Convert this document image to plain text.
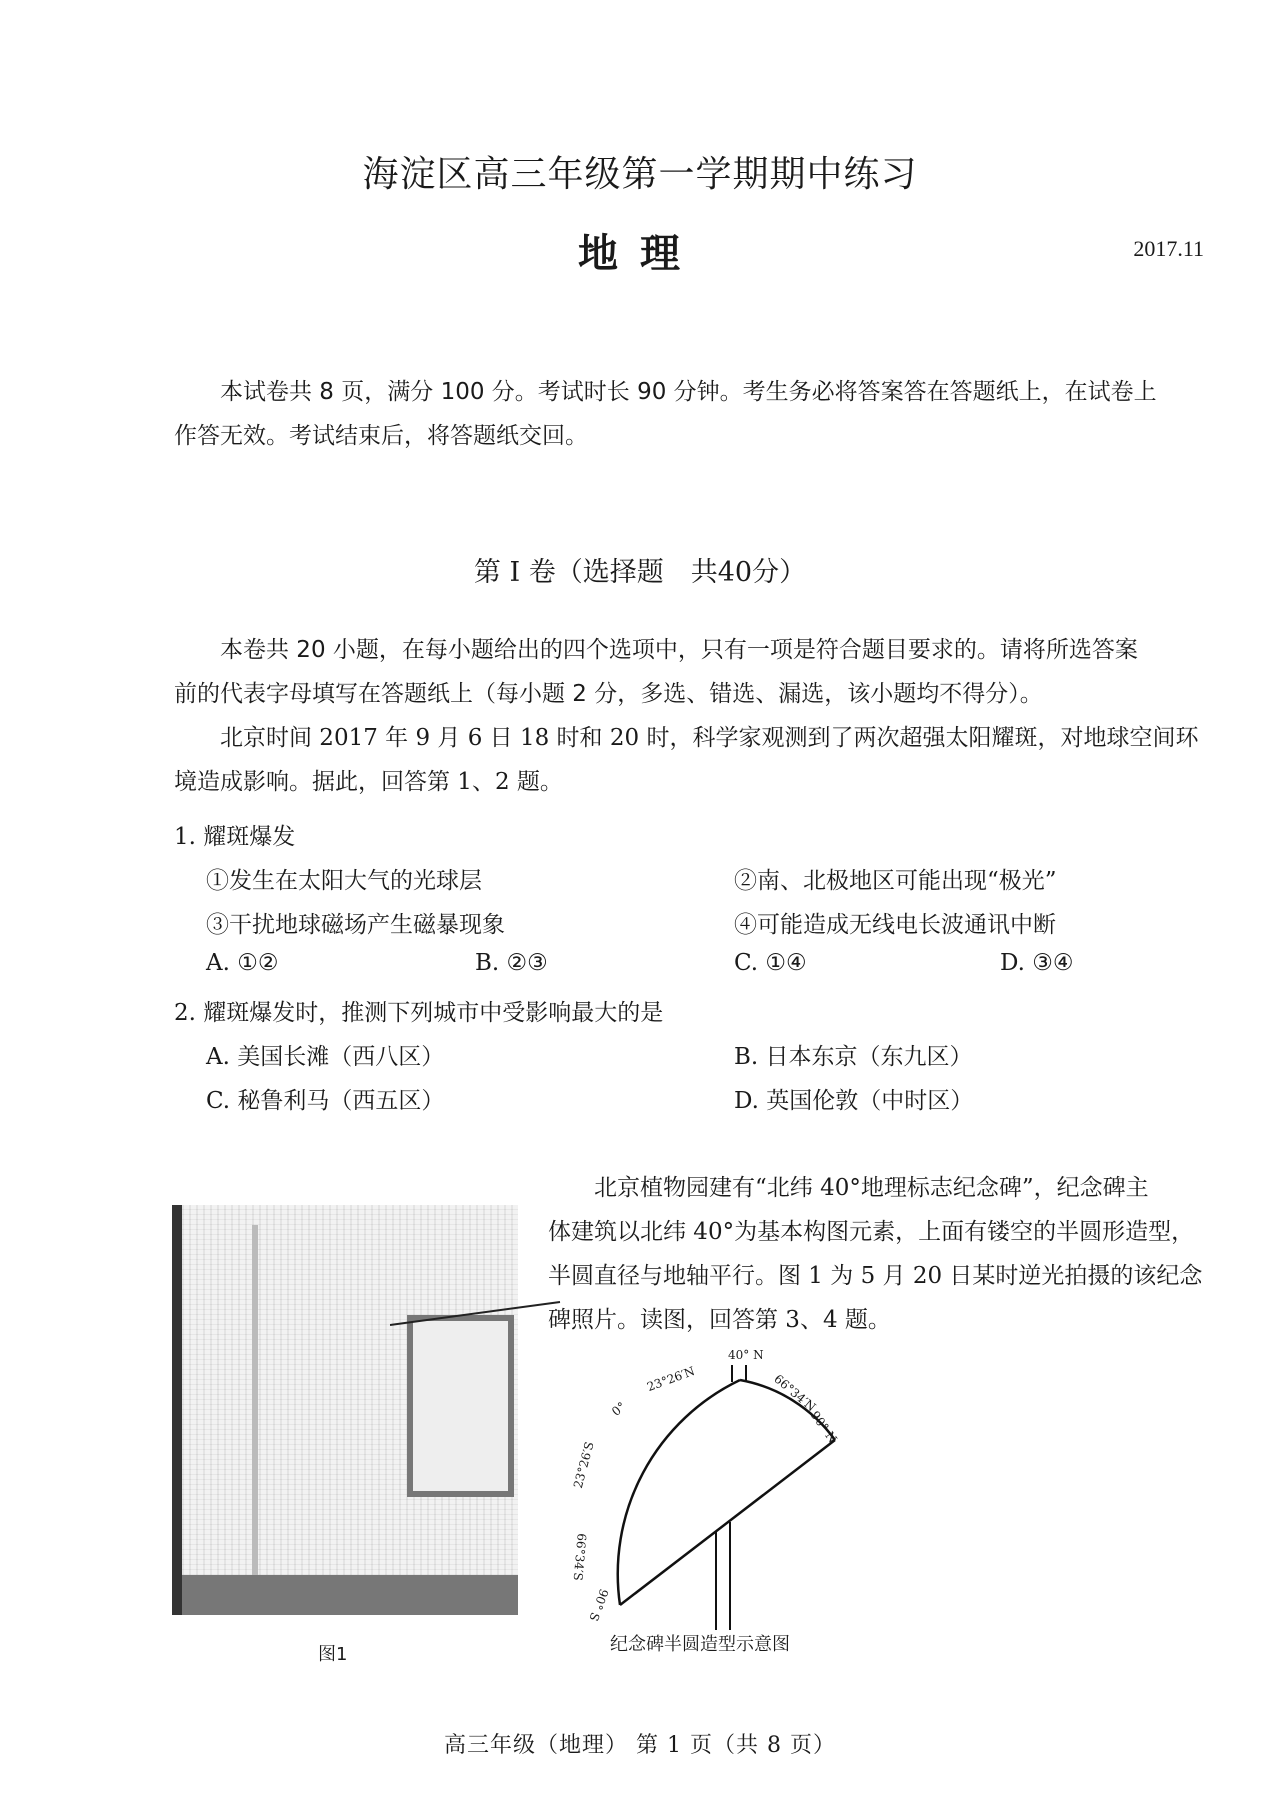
海淀区高三年级第一学期期中练习
地理	2017.11
本试卷共 8 页，满分 100 分。考试时长 90 分钟。考生务必将答案答在答题纸上，在试卷上
作答无效。考试结束后，将答题纸交回。
第 I 卷（选择题　共40分）
本卷共 20 小题，在每小题给出的四个选项中，只有一项是符合题目要求的。请将所选答案
前的代表字母填写在答题纸上（每小题 2 分，多选、错选、漏选，该小题均不得分）。
北京时间 2017 年 9 月 6 日 18 时和 20 时，科学家观测到了两次超强太阳耀斑，对地球空间环
境造成影响。据此，回答第 1、2 题。
1. 耀斑爆发
①发生在太阳大气的光球层	②南、北极地区可能出现“极光”
③干扰地球磁场产生磁暴现象	④可能造成无线电长波通讯中断
A. ①②	B. ②③	C. ①④	D. ③④
2. 耀斑爆发时，推测下列城市中受影响最大的是
A. 美国长滩（西八区）	B. 日本东京（东九区）
C. 秘鲁利马（西五区）	D. 英国伦敦（中时区）
北京植物园建有“北纬 40°地理标志纪念碑”，纪念碑主
体建筑以北纬 40°为基本构图元素，上面有镂空的半圆形造型，
半圆直径与地轴平行。图 1 为 5 月 20 日某时逆光拍摄的该纪念
碑照片。读图，回答第 3、4 题。
图1
40° N
23°26′N
0°	66°34′N
90° N
23°26′S
66°34′S
90° S
纪念碑半圆造型示意图
高三年级（地理） 第 1 页（共 8 页）
